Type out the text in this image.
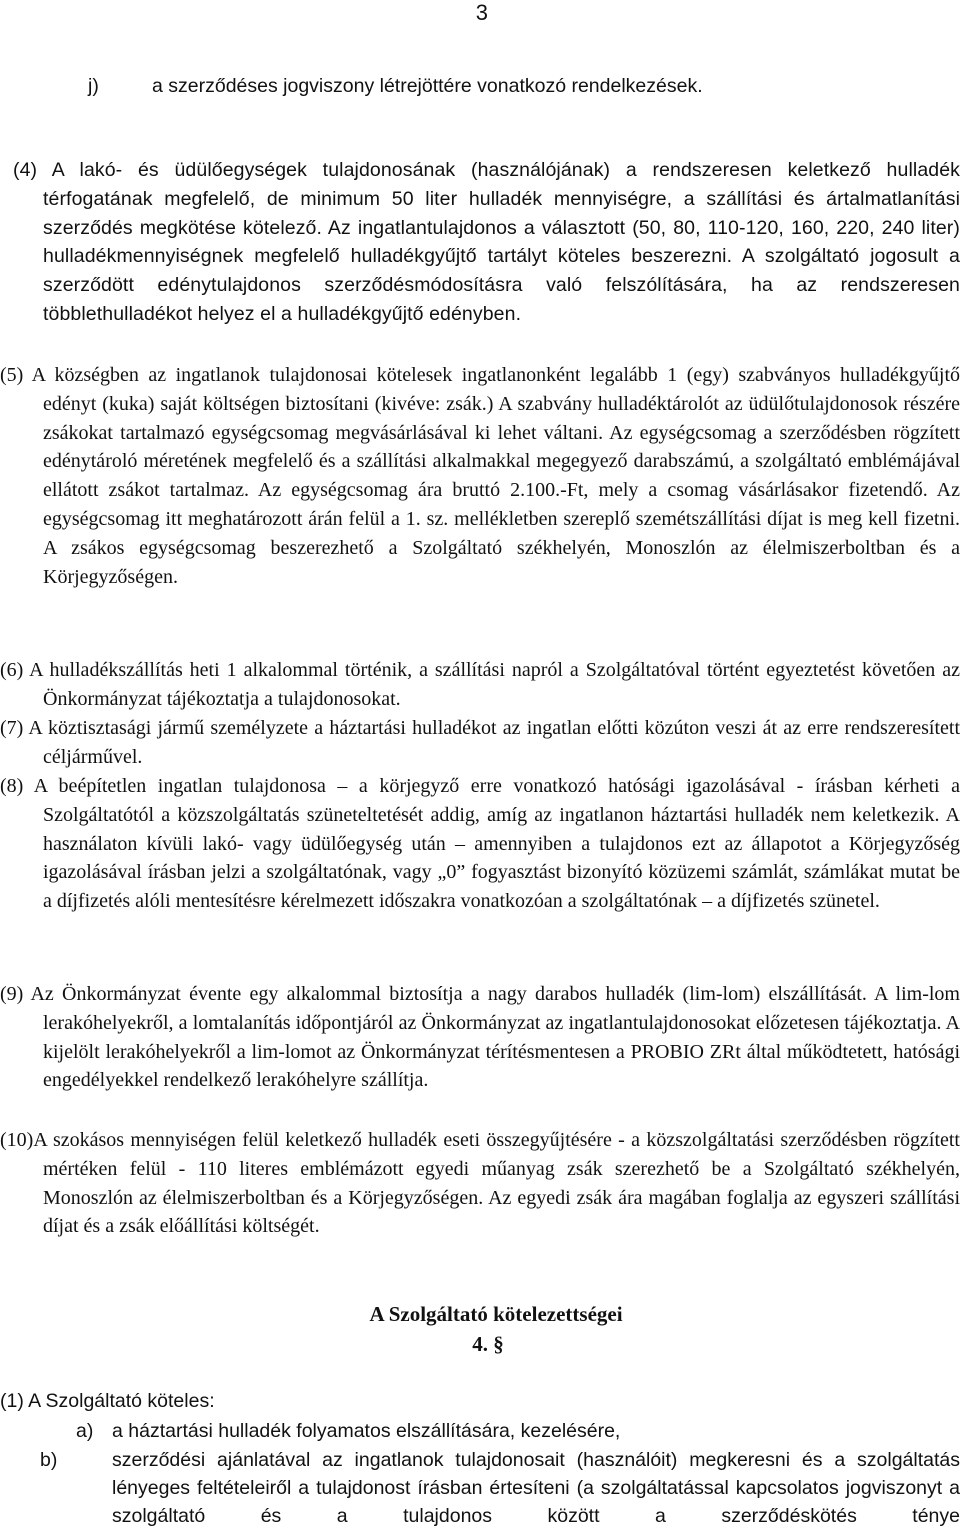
3
j)	a szerződéses jogviszony létrejöttére vonatkozó rendelkezések.

(4) A lakó- és üdülőegységek tulajdonosának (használójának) a rendszeresen keletkező hulladék térfogatának megfelelő, de minimum 50 liter hulladék mennyiségre, a szállítási és ártalmatlanítási szerződés megkötése kötelező. Az ingatlantulajdonos a választott (50, 80, 110-120, 160, 220, 240 liter) hulladékmennyiségnek megfelelő hulladékgyűjtő tartályt köteles beszerezni. A szolgáltató jogosult a szerződött edénytulajdonos szerződésmódosításra való felszólítására, ha az rendszeresen többlethulladékot helyez el a hulladékgyűjtő edényben.

(5) A községben az ingatlanok tulajdonosai kötelesek ingatlanonként legalább 1 (egy) szabványos hulladékgyűjtő edényt (kuka) saját költségen biztosítani (kivéve: zsák.) A szabvány hulladéktárolót az üdülőtulajdonosok részére zsákokat tartalmazó egységcsomag megvásárlásával ki lehet váltani. Az egységcsomag a szerződésben rögzített edénytároló méretének megfelelő és a szállítási alkalmakkal megegyező darabszámú, a szolgáltató emblémájával ellátott zsákot tartalmaz. Az egységcsomag ára bruttó 2.100.-Ft, mely a csomag vásárlásakor fizetendő. Az egységcsomag itt meghatározott árán felül a 1. sz. mellékletben szereplő szemétszállítási díjat is meg kell fizetni. A zsákos egységcsomag beszerezhető a Szolgáltató székhelyén, Monoszlón az élelmiszerboltban és a Körjegyzőségen.

(6) A hulladékszállítás heti 1 alkalommal történik, a szállítási napról a Szolgáltatóval történt egyeztetést követően az Önkormányzat tájékoztatja a tulajdonosokat.

(7) A köztisztasági jármű személyzete a háztartási hulladékot az ingatlan előtti közúton veszi át az erre rendszeresített céljárművel.

(8) A beépítetlen ingatlan tulajdonosa – a körjegyző erre vonatkozó hatósági igazolásával - írásban kérheti a Szolgáltatótól a közszolgáltatás szüneteltetését addig, amíg az ingatlanon háztartási hulladék nem keletkezik. A használaton kívüli lakó- vagy üdülőegység után – amennyiben a tulajdonos ezt az állapotot a Körjegyzőség igazolásával írásban jelzi a szolgáltatónak, vagy „0” fogyasztást bizonyító közüzemi számlát, számlákat mutat be a díjfizetés alóli mentesítésre kérelmezett időszakra vonatkozóan a szolgáltatónak – a díjfizetés szünetel.

(9) Az Önkormányzat évente egy alkalommal biztosítja a nagy darabos hulladék (lim-lom) elszállítását. A lim-lom lerakóhelyekről, a lomtalanítás időpontjáról az Önkormányzat az ingatlantulajdonosokat előzetesen tájékoztatja. A kijelölt lerakóhelyekről a lim-lomot az Önkormányzat térítésmentesen a PROBIO ZRt által működtetett, hatósági engedélyekkel rendelkező lerakóhelyre szállítja.

(10)A szokásos mennyiségen felül keletkező hulladék eseti összegyűjtésére - a közszolgáltatási szerződésben rögzített mértéken felül - 110 literes emblémázott egyedi műanyag zsák szerezhető be a Szolgáltató székhelyén, Monoszlón az élelmiszerboltban és a Körjegyzőségen. Az egyedi zsák ára magában foglalja az egyszeri szállítási díjat és a zsák előállítási költségét.

A Szolgáltató kötelezettségei
4. §
(1) A Szolgáltató köteles:

a) a háztartási hulladék folyamatos elszállítására, kezelésére,

b)	szerződési ajánlatával az ingatlanok tulajdonosait (használóit) megkeresni és a szolgáltatás lényeges feltételeiről a tulajdonost írásban értesíteni (a szolgáltatással kapcsolatos jogviszonyt a szolgáltató és a tulajdonos között a szerződéskötés ténye
